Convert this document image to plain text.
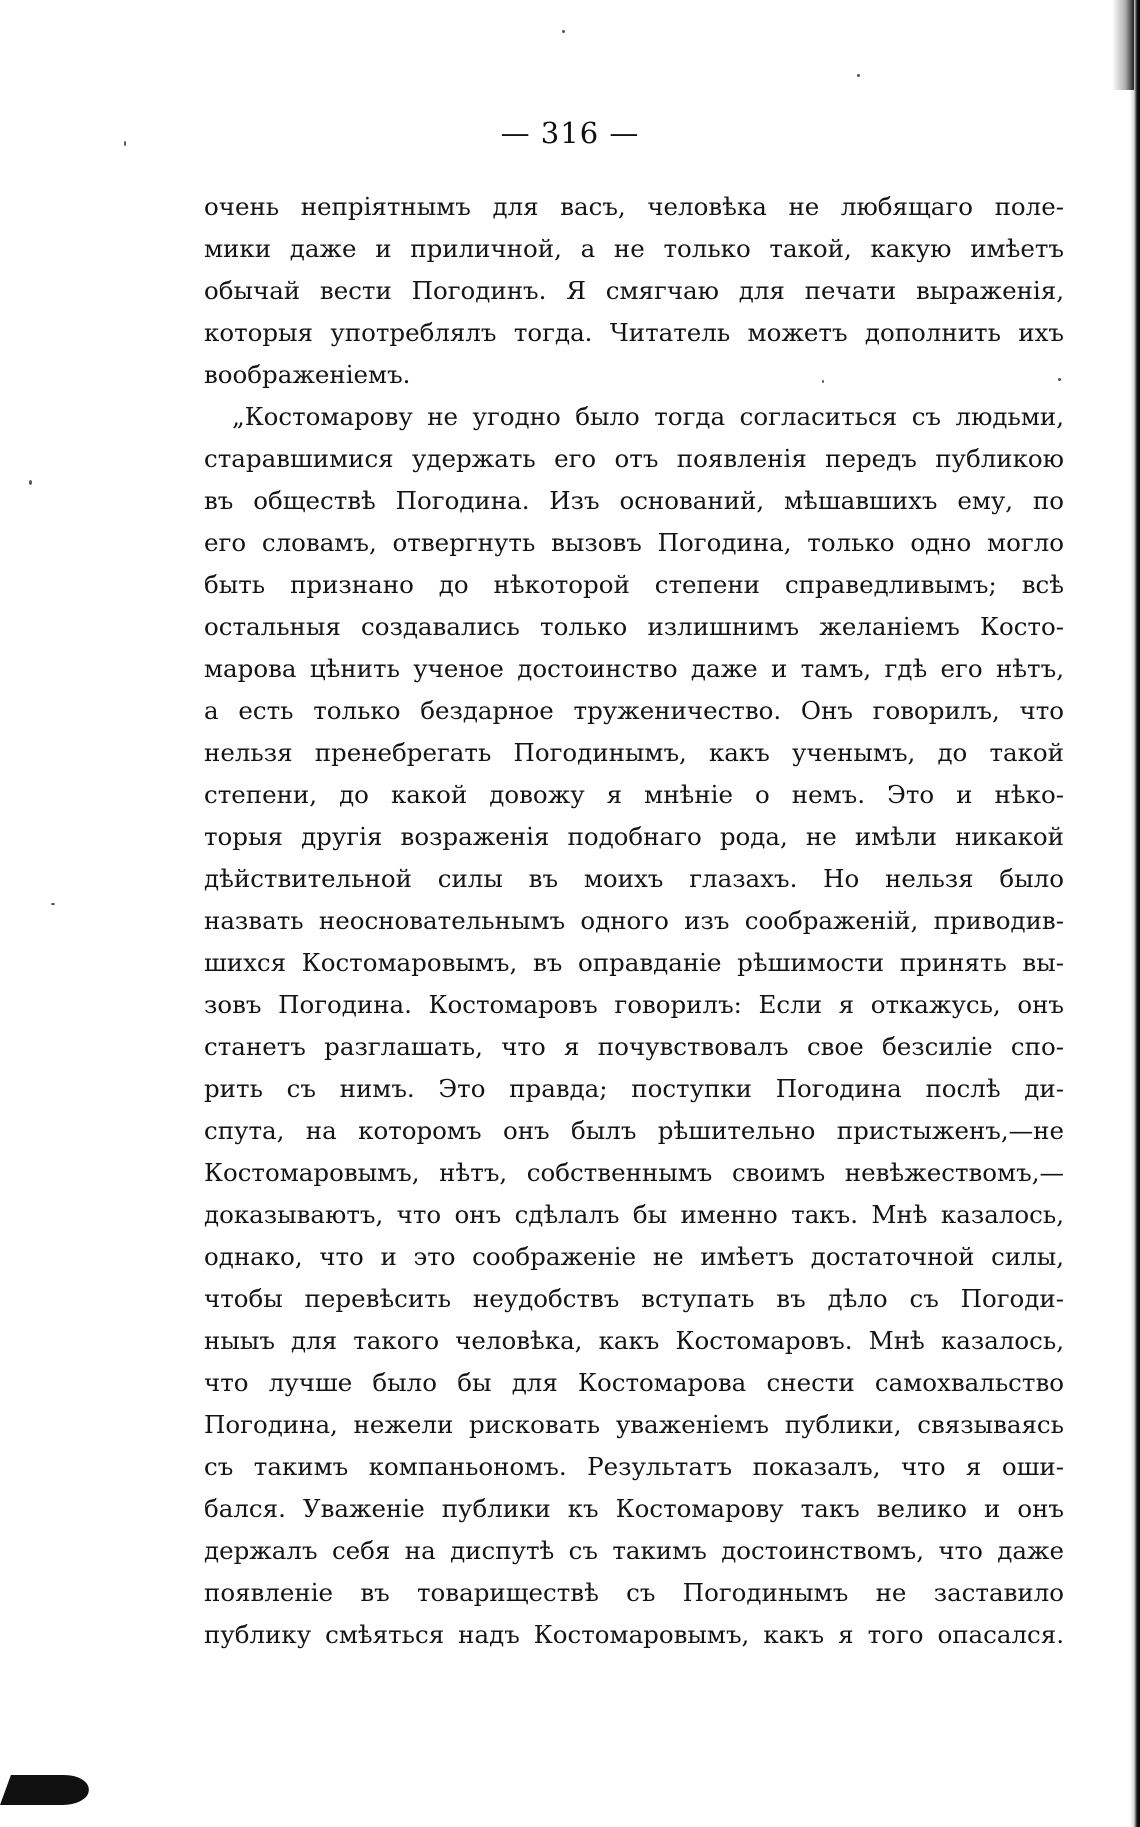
— 316 —
очень непріятнымъ для васъ, человѣка не любящаго поле-
мики даже и приличной, а не только такой, какую имѣетъ
обычай вести Погодинъ. Я смягчаю для печати выраженія,
которыя употреблялъ тогда. Читатель можетъ дополнить ихъ
воображеніемъ.
„Костомарову не угодно было тогда согласиться съ людьми,
старавшимися удержать его отъ появленія передъ публикою
въ обществѣ Погодина. Изъ оснований, мѣшавшихъ ему, по
его словамъ, отвергнуть вызовъ Погодина, только одно могло
быть признано до нѣкоторой степени справедливымъ; всѣ
остальныя создавались только излишнимъ желаніемъ Косто-
марова цѣнить ученое достоинство даже и тамъ, гдѣ его нѣтъ,
а есть только бездарное труженичество. Онъ говорилъ, что
нельзя пренебрегать Погодинымъ, какъ ученымъ, до такой
степени, до какой довожу я мнѣніе о немъ. Это и нѣко-
торыя другія возраженія подобнаго рода, не имѣли никакой
дѣйствительной силы въ моихъ глазахъ. Но нельзя было
назвать неосновательнымъ одного изъ соображеній, приводив-
шихся Костомаровымъ, въ оправданіе рѣшимости принять вы-
зовъ Погодина. Костомаровъ говорилъ: Если я откажусь, онъ
станетъ разглашать, что я почувствовалъ свое безсиліе спо-
рить съ нимъ. Это правда; поступки Погодина послѣ ди-
спута, на которомъ онъ былъ рѣшительно пристыженъ,—не
Костомаровымъ, нѣтъ, собственнымъ своимъ невѣжествомъ,—
доказываютъ, что онъ сдѣлалъ бы именно такъ. Мнѣ казалось,
однако, что и это соображеніе не имѣетъ достаточной силы,
чтобы перевѣсить неудобствъ вступать въ дѣло съ Погоди-
ныыъ для такого человѣка, какъ Костомаровъ. Мнѣ казалось,
что лучше было бы для Костомарова снести самохвальство
Погодина, нежели рисковать уваженіемъ публики, связываясь
съ такимъ компаньономъ. Результатъ показалъ, что я оши-
бался. Уваженіе публики къ Костомарову такъ велико и онъ
держалъ себя на диспутѣ съ такимъ достоинствомъ, что даже
появленіе въ товариществѣ съ Погодинымъ не заставило
публику смѣяться надъ Костомаровымъ, какъ я того опасался.
